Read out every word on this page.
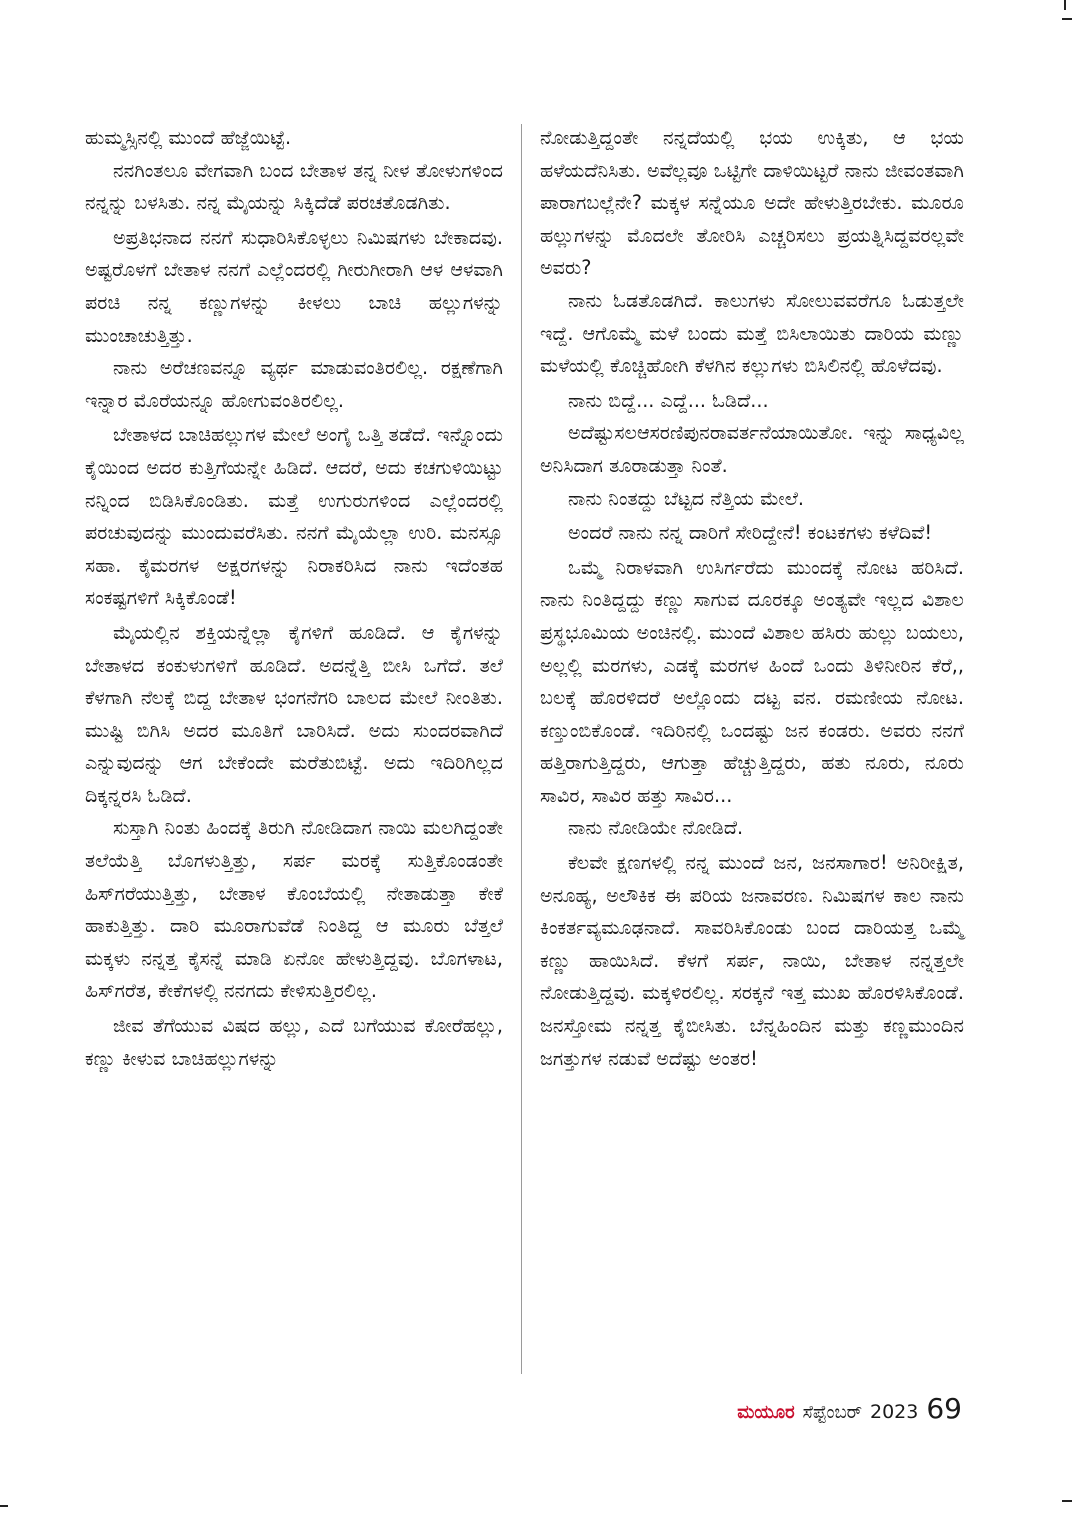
ಹುಮ್ಮಸ್ಸಿನಲ್ಲಿ ಮುಂದೆ ಹೆಜ್ಜೆಯಿಟ್ಟೆ.

ನನಗಿಂತಲೂ ವೇಗವಾಗಿ ಬಂದ ಬೇತಾಳ ತನ್ನ ನೀಳ ತೋಳುಗಳಿಂದ ನನ್ನನ್ನು ಬಳಸಿತು. ನನ್ನ ಮೈಯನ್ನು ಸಿಕ್ಕಿದೆಡೆ ಪರಚತೊಡಗಿತು.

ಅಪ್ರತಿಭನಾದ ನನಗೆ ಸುಧಾರಿಸಿಕೊಳ್ಳಲು ನಿಮಿಷಗಳು ಬೇಕಾದವು. ಅಷ್ಟರೊಳಗೆ ಬೇತಾಳ ನನಗೆ ಎಲ್ಲೆಂದರಲ್ಲಿ ಗೀರುಗೀರಾಗಿ ಆಳ ಆಳವಾಗಿ ಪರಚಿ ನನ್ನ ಕಣ್ಣುಗಳನ್ನು ಕೀಳಲು ಬಾಚಿ ಹಲ್ಲುಗಳನ್ನು ಮುಂಚಾಚುತ್ತಿತ್ತು.

ನಾನು ಅರೆಚಣವನ್ನೂ ವ್ಯರ್ಥ ಮಾಡುವಂತಿರಲಿಲ್ಲ. ರಕ್ಷಣೆಗಾಗಿ ಇನ್ನಾರ ಮೊರೆಯನ್ನೂ ಹೋಗುವಂತಿರಲಿಲ್ಲ.

ಬೇತಾಳದ ಬಾಚಿಹಲ್ಲುಗಳ ಮೇಲೆ ಅಂಗೈ ಒತ್ತಿ ತಡೆದೆ. ಇನ್ನೊಂದು ಕೈಯಿಂದ ಅದರ ಕುತ್ತಿಗೆಯನ್ನೇ ಹಿಡಿದೆ. ಆದರೆ, ಅದು ಕಚಗುಳಿಯಿಟ್ಟು ನನ್ನಿಂದ ಬಿಡಿಸಿಕೊಂಡಿತು. ಮತ್ತೆ ಉಗುರುಗಳಿಂದ ಎಲ್ಲೆಂದರಲ್ಲಿ ಪರಚುವುದನ್ನು ಮುಂದುವರೆಸಿತು. ನನಗೆ ಮೈಯೆಲ್ಲಾ ಉರಿ. ಮನಸ್ಸೂ ಸಹಾ. ಕೈಮರಗಳ ಅಕ್ಷರಗಳನ್ನು ನಿರಾಕರಿಸಿದ ನಾನು ಇದೆಂತಹ ಸಂಕಷ್ಟಗಳಿಗೆ ಸಿಕ್ಕಿಕೊಂಡೆ!

ಮೈಯಲ್ಲಿನ ಶಕ್ತಿಯನ್ನೆಲ್ಲಾ ಕೈಗಳಿಗೆ ಹೂಡಿದೆ. ಆ ಕೈಗಳನ್ನು ಬೇತಾಳದ ಕಂಕುಳುಗಳಿಗೆ ಹೂಡಿದೆ. ಅದನ್ನೆತ್ತಿ ಬೀಸಿ ಒಗೆದೆ. ತಲೆ ಕೆಳಗಾಗಿ ನೆಲಕ್ಕೆ ಬಿದ್ದ ಬೇತಾಳ ಭಂಗನೆಗರಿ ಬಾಲದ ಮೇಲೆ ನೀಂತಿತು. ಮುಷ್ಟಿ ಬಿಗಿಸಿ ಅದರ ಮೂತಿಗೆ ಬಾರಿಸಿದೆ. ಅದು ಸುಂದರವಾಗಿದೆ ಎನ್ನುವುದನ್ನು ಆಗ ಬೇಕೆಂದೇ ಮರೆತುಬಿಟ್ಟೆ. ಅದು ಇದಿರಿಗಿಲ್ಲದ ದಿಕ್ಕನ್ನರಸಿ ಓಡಿದೆ.

ಸುಸ್ತಾಗಿ ನಿಂತು ಹಿಂದಕ್ಕೆ ತಿರುಗಿ ನೋಡಿದಾಗ ನಾಯಿ ಮಲಗಿದ್ದಂತೇ ತಲೆಯೆತ್ತಿ ಬೊಗಳುತ್ತಿತ್ತು, ಸರ್ಪ ಮರಕ್ಕೆ ಸುತ್ತಿಕೊಂಡಂತೇ ಹಿಸ್‌ಗರೆಯುತ್ತಿತ್ತು, ಬೇತಾಳ ಕೊಂಬೆಯಲ್ಲಿ ನೇತಾಡುತ್ತಾ ಕೇಕೆ ಹಾಕುತ್ತಿತ್ತು. ದಾರಿ ಮೂರಾಗುವೆಡೆ ನಿಂತಿದ್ದ ಆ ಮೂರು ಬೆತ್ತಲೆ ಮಕ್ಕಳು ನನ್ನತ್ತ ಕೈಸನ್ನೆ ಮಾಡಿ ಏನೋ ಹೇಳುತ್ತಿದ್ದವು. ಬೊಗಳಾಟ, ಹಿಸ್‌ಗರೆತ, ಕೇಕೆಗಳಲ್ಲಿ ನನಗದು ಕೇಳಿಸುತ್ತಿರಲಿಲ್ಲ.

ಜೀವ ತೆಗೆಯುವ ವಿಷದ ಹಲ್ಲು, ಎದೆ ಬಗೆಯುವ ಕೋರೆಹಲ್ಲು, ಕಣ್ಣು ಕೀಳುವ ಬಾಚಿಹಲ್ಲುಗಳನ್ನು

ನೋಡುತ್ತಿದ್ದಂತೇ ನನ್ನದೆಯಲ್ಲಿ ಭಯ ಉಕ್ಕಿತು, ಆ ಭಯ ಹಳೆಯದೆನಿಸಿತು. ಅವೆಲ್ಲವೂ ಒಟ್ಟಿಗೇ ದಾಳಿಯಿಟ್ಟರೆ ನಾನು ಜೀವಂತವಾಗಿ ಪಾರಾಗಬಲ್ಲೆನೇ? ಮಕ್ಕಳ ಸನ್ನೆಯೂ ಅದೇ ಹೇಳುತ್ತಿರಬೇಕು. ಮೂರೂ ಹಲ್ಲುಗಳನ್ನು ಮೊದಲೇ ತೋರಿಸಿ ಎಚ್ಚರಿಸಲು ಪ್ರಯತ್ನಿಸಿದ್ದವರಲ್ಲವೇ ಅವರು?

ನಾನು ಓಡತೊಡಗಿದೆ. ಕಾಲುಗಳು ಸೋಲುವವರೆಗೂ ಓಡುತ್ತಲೇ ಇದ್ದೆ. ಆಗೊಮ್ಮೆ ಮಳೆ ಬಂದು ಮತ್ತೆ ಬಿಸಿಲಾಯಿತು ದಾರಿಯ ಮಣ್ಣು ಮಳೆಯಲ್ಲಿ ಕೊಚ್ಚಿಹೋಗಿ ಕೆಳಗಿನ ಕಲ್ಲುಗಳು ಬಿಸಿಲಿನಲ್ಲಿ ಹೊಳೆದವು.

ನಾನು ಬಿದ್ದೆ... ಎದ್ದೆ... ಓಡಿದೆ...

ಅದೆಷ್ಟುಸಲಆಸರಣಿಪುನರಾವರ್ತನೆಯಾಯಿತೋ. ಇನ್ನು ಸಾಧ್ಯವಿಲ್ಲ ಅನಿಸಿದಾಗ ತೂರಾಡುತ್ತಾ ನಿಂತೆ.

ನಾನು ನಿಂತದ್ದು ಬೆಟ್ಟದ ನೆತ್ತಿಯ ಮೇಲೆ.

ಅಂದರೆ ನಾನು ನನ್ನ ದಾರಿಗೆ ಸೇರಿದ್ದೇನೆ! ಕಂಟಕಗಳು ಕಳೆದಿವೆ!

ಒಮ್ಮೆ ನಿರಾಳವಾಗಿ ಉಸಿರ್ಗರೆದು ಮುಂದಕ್ಕೆ ನೋಟ ಹರಿಸಿದೆ. ನಾನು ನಿಂತಿದ್ದದ್ದು ಕಣ್ಣು ಸಾಗುವ ದೂರಕ್ಕೂ ಅಂತ್ಯವೇ ಇಲ್ಲದ ವಿಶಾಲ ಪ್ರಸ್ಥಭೂಮಿಯ ಅಂಚಿನಲ್ಲಿ. ಮುಂದೆ ವಿಶಾಲ ಹಸಿರು ಹುಲ್ಲು ಬಯಲು, ಅಲ್ಲಲ್ಲಿ ಮರಗಳು, ಎಡಕ್ಕೆ ಮರಗಳ ಹಿಂದೆ ಒಂದು ತಿಳಿನೀರಿನ ಕೆರೆ,, ಬಲಕ್ಕೆ ಹೊರಳಿದರೆ ಅಲ್ಲೊಂದು ದಟ್ಟ ವನ. ರಮಣೀಯ ನೋಟ. ಕಣ್ತುಂಬಿಕೊಂಡೆ. ಇದಿರಿನಲ್ಲಿ ಒಂದಷ್ಟು ಜನ ಕಂಡರು. ಅವರು ನನಗೆ ಹತ್ತಿರಾಗುತ್ತಿದ್ದರು, ಆಗುತ್ತಾ ಹೆಚ್ಚುತ್ತಿದ್ದರು, ಹತು ನೂರು, ನೂರು ಸಾವಿರ, ಸಾವಿರ ಹತ್ತು ಸಾವಿರ...

ನಾನು ನೋಡಿಯೇ ನೋಡಿದೆ.

ಕೆಲವೇ ಕ್ಷಣಗಳಲ್ಲಿ ನನ್ನ ಮುಂದೆ ಜನ, ಜನಸಾಗಾರ! ಅನಿರೀಕ್ಷಿತ, ಅನೂಹ್ಯ, ಅಲೌಕಿಕ ಈ ಪರಿಯ ಜನಾವರಣ. ನಿಮಿಷಗಳ ಕಾಲ ನಾನು ಕಿಂಕರ್ತವ್ಯಮೂಢನಾದೆ. ಸಾವರಿಸಿಕೊಂಡು ಬಂದ ದಾರಿಯತ್ತ ಒಮ್ಮೆ ಕಣ್ಣು ಹಾಯಿಸಿದೆ. ಕೆಳಗೆ ಸರ್ಪ, ನಾಯಿ, ಬೇತಾಳ ನನ್ನತ್ತಲೇ ನೋಡುತ್ತಿದ್ದವು. ಮಕ್ಕಳಿರಲಿಲ್ಲ. ಸರಕ್ಕನೆ ಇತ್ತ ಮುಖ ಹೊರಳಿಸಿಕೊಂಡೆ. ಜನಸ್ತೋಮ ನನ್ನತ್ತ ಕೈಬೀಸಿತು. ಬೆನ್ನಹಿಂದಿನ ಮತ್ತು ಕಣ್ಣಮುಂದಿನ ಜಗತ್ತುಗಳ ನಡುವೆ ಅದೆಷ್ಟು ಅಂತರ!

ಮಯೂರ ಸೆಪ್ಟೆಂಬರ್ 2023 69
